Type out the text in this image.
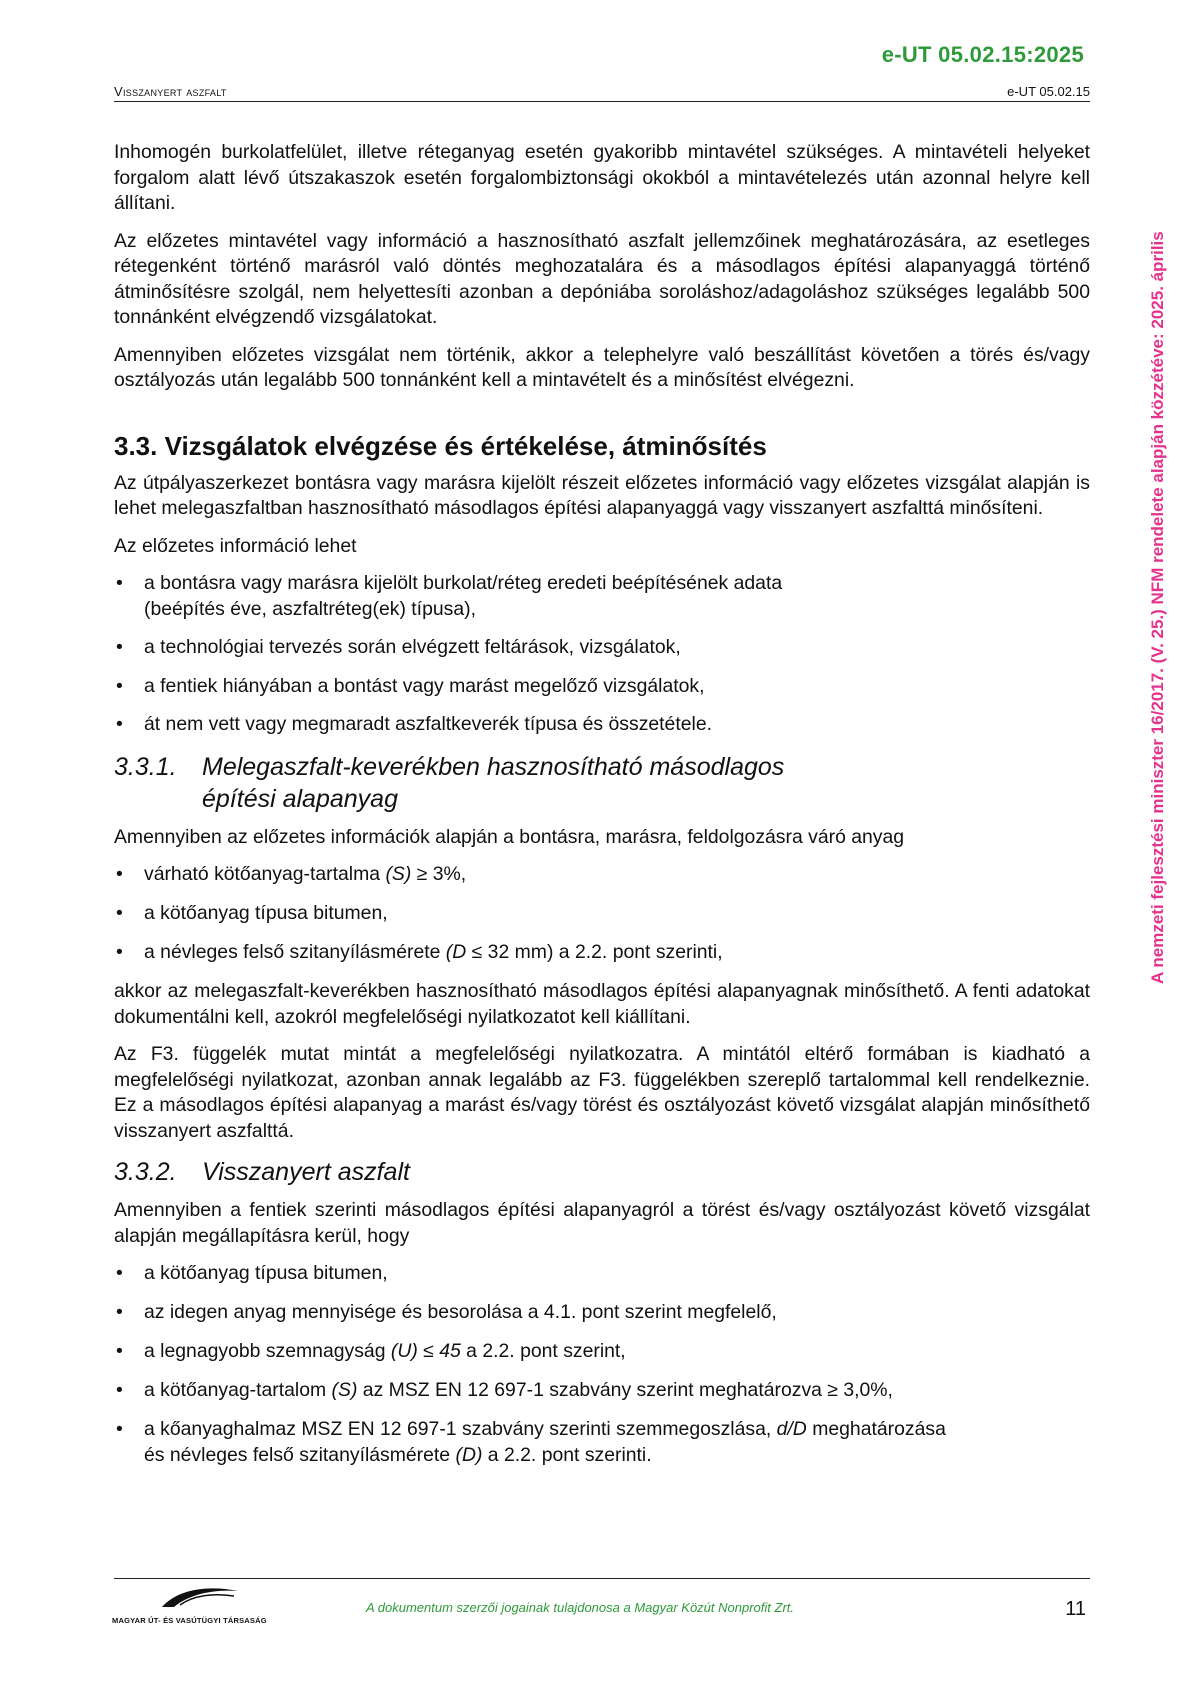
e-UT 05.02.15:2025
Visszanyert aszfalt	e-UT 05.02.15
A nemzeti fejlesztési miniszter 16/2017. (V. 25.) NFM rendelete alapján közzétéve: 2025. április

Inhomogén burkolatfelület, illetve réteganyag esetén gyakoribb mintavétel szükséges. A mintavételi helyeket forgalom alatt lévő útszakaszok esetén forgalombiztonsági okokból a mintavételezés után azonnal helyre kell állítani.

Az előzetes mintavétel vagy információ a hasznosítható aszfalt jellemzőinek meghatározására, az esetleges rétegenként történő marásról való döntés meghozatalára és a másodlagos építési alapanyaggá történő átminősítésre szolgál, nem helyettesíti azonban a depóniába soroláshoz/adagoláshoz szükséges legalább 500 tonnánként elvégzendő vizsgálatokat.

Amennyiben előzetes vizsgálat nem történik, akkor a telephelyre való beszállítást követően a törés és/vagy osztályozás után legalább 500 tonnánként kell a mintavételt és a minősítést elvégezni.

3.3. Vizsgálatok elvégzése és értékelése, átminősítés

Az útpályaszerkezet bontásra vagy marásra kijelölt részeit előzetes információ vagy előzetes vizsgálat alapján is lehet melegaszfaltban hasznosítható másodlagos építési alapanyaggá vagy visszanyert aszfalttá minősíteni.

Az előzetes információ lehet

• a bontásra vagy marásra kijelölt burkolat/réteg eredeti beépítésének adata
(beépítés éve, aszfaltréteg(ek) típusa),
• a technológiai tervezés során elvégzett feltárások, vizsgálatok,
• a fentiek hiányában a bontást vagy marást megelőző vizsgálatok,
• át nem vett vagy megmaradt aszfaltkeverék típusa és összetétele.
3.3.1.	Melegaszfalt-keverékben hasznosítható másodlagos
építési alapanyag

Amennyiben az előzetes információk alapján a bontásra, marásra, feldolgozásra váró anyag

• várható kötőanyag-tartalma (S) ≥ 3%,
• a kötőanyag típusa bitumen,
• a névleges felső szitanyílásmérete (D ≤ 32 mm) a 2.2. pont szerinti,

akkor az melegaszfalt-keverékben hasznosítható másodlagos építési alapanyagnak minősíthető. A fenti adatokat dokumentálni kell, azokról megfelelőségi nyilatkozatot kell kiállítani.

Az F3. függelék mutat mintát a megfelelőségi nyilatkozatra. A mintától eltérő formában is kiadható a megfelelőségi nyilatkozat, azonban annak legalább az F3. függelékben szereplő tartalommal kell rendelkeznie. Ez a másodlagos építési alapanyag a marást és/vagy törést és osztályozást követő vizsgálat alapján minősíthető visszanyert aszfalttá.

3.3.2.	Visszanyert aszfalt

Amennyiben a fentiek szerinti másodlagos építési alapanyagról a törést és/vagy osztályozást követő vizsgálat alapján megállapításra kerül, hogy

• a kötőanyag típusa bitumen,
• az idegen anyag mennyisége és besorolása a 4.1. pont szerint megfelelő,
• a legnagyobb szemnagyság (U) ≤ 45 a 2.2. pont szerint,
• a kötőanyag-tartalom (S) az MSZ EN 12 697-1 szabvány szerint meghatározva ≥ 3,0%,
• a kőanyaghalmaz MSZ EN 12 697-1 szabvány szerinti szemmegoszlása, d/D meghatározása
és névleges felső szitanyílásmérete (D) a 2.2. pont szerinti.
MAGYAR ÚT- ÉS VASÚTÜGYI TÁRSASÁG
A dokumentum szerzői jogainak tulajdonosa a Magyar Közút Nonprofit Zrt.	11
